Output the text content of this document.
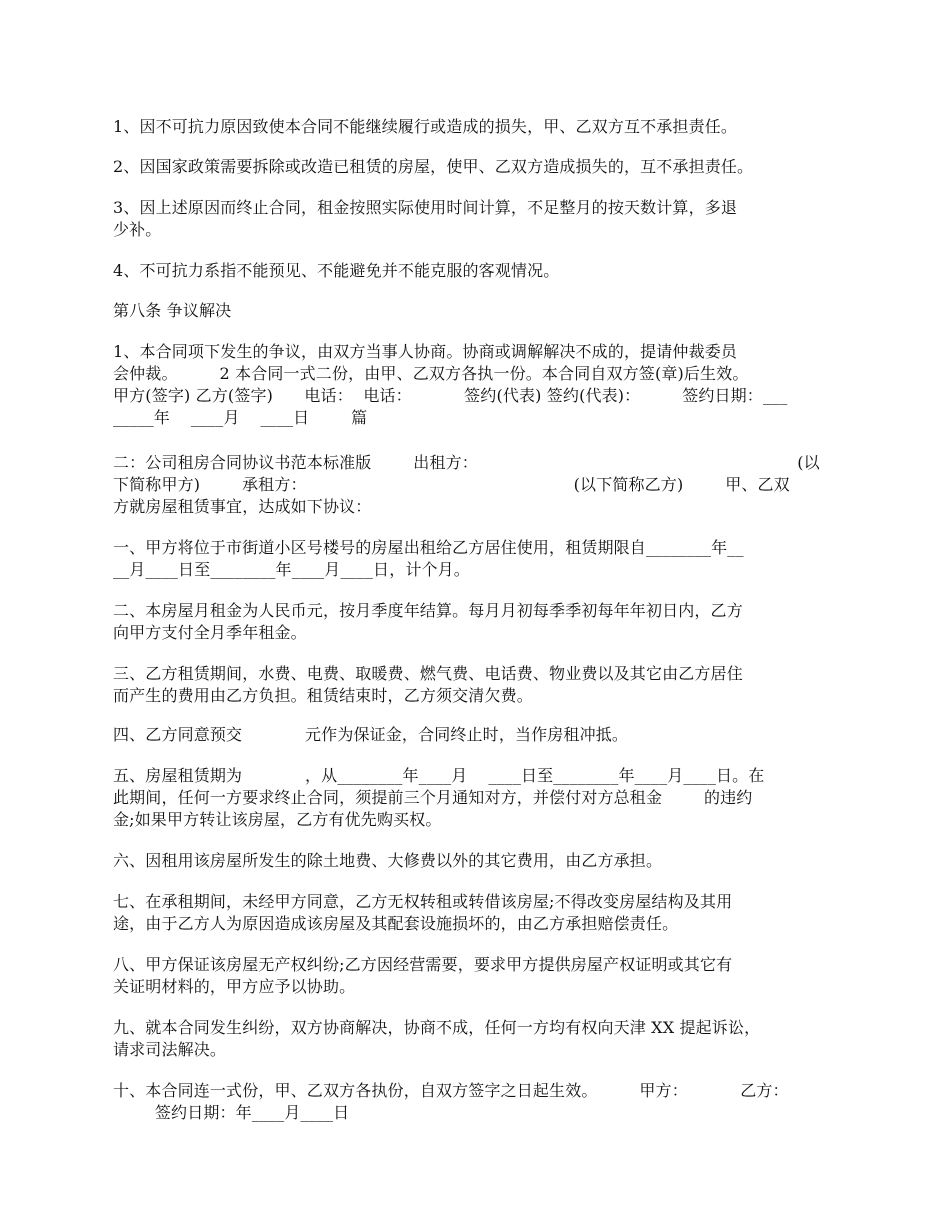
1、因不可抗力原因致使本合同不能继续履行或造成的损失，甲、乙双方互不承担责任。
2、因国家政策需要拆除或改造已租赁的房屋，使甲、乙双方造成损失的，互不承担责任。
3、因上述原因而终止合同，租金按照实际使用时间计算，不足整月的按天数计算，多退
少补。
4、不可抗力系指不能预见、不能避免并不能克服的客观情况。
第八条 争议解决
1、本合同项下发生的争议，由双方当事人协商。协商或调解解决不成的，提请仲裁委员
会仲裁。        2 本合同一式二份，由甲、乙双方各执一份。本合同自双方签(章)后生效。
甲方(签字) 乙方(签字)      电话：  电话：          签约(代表) 签约(代表)：        签约日期：___
_____年    ____月    ____日        篇
二：公司租房合同协议书范本标准版        出租方：                                                             (以
下简称甲方)        承租方：                                                   (以下简称乙方)        甲、乙双
方就房屋租赁事宜，达成如下协议：
一、甲方将位于市街道小区号楼号的房屋出租给乙方居住使用，租赁期限自________年__
__月____日至________年____月____日，计个月。
二、本房屋月租金为人民币元，按月季度年结算。每月月初每季季初每年年初日内，乙方
向甲方支付全月季年租金。
三、乙方租赁期间，水费、电费、取暖费、燃气费、电话费、物业费以及其它由乙方居住
而产生的费用由乙方负担。租赁结束时，乙方须交清欠费。
四、乙方同意预交            元作为保证金，合同终止时，当作房租冲抵。
五、房屋租赁期为            ，从________年____月    ____日至________年____月____日。在
此期间，任何一方要求终止合同，须提前三个月通知对方，并偿付对方总租金        的违约
金;如果甲方转让该房屋，乙方有优先购买权。
六、因租用该房屋所发生的除土地费、大修费以外的其它费用，由乙方承担。
七、在承租期间，未经甲方同意，乙方无权转租或转借该房屋;不得改变房屋结构及其用
途，由于乙方人为原因造成该房屋及其配套设施损坏的，由乙方承担赔偿责任。
八、甲方保证该房屋无产权纠纷;乙方因经营需要，要求甲方提供房屋产权证明或其它有
关证明材料的，甲方应予以协助。
九、就本合同发生纠纷，双方协商解决，协商不成，任何一方均有权向天津 XX 提起诉讼，
请求司法解决。
十、本合同连一式份，甲、乙双方各执份，自双方签字之日起生效。        甲方：          乙方：
签约日期：年____月____日
